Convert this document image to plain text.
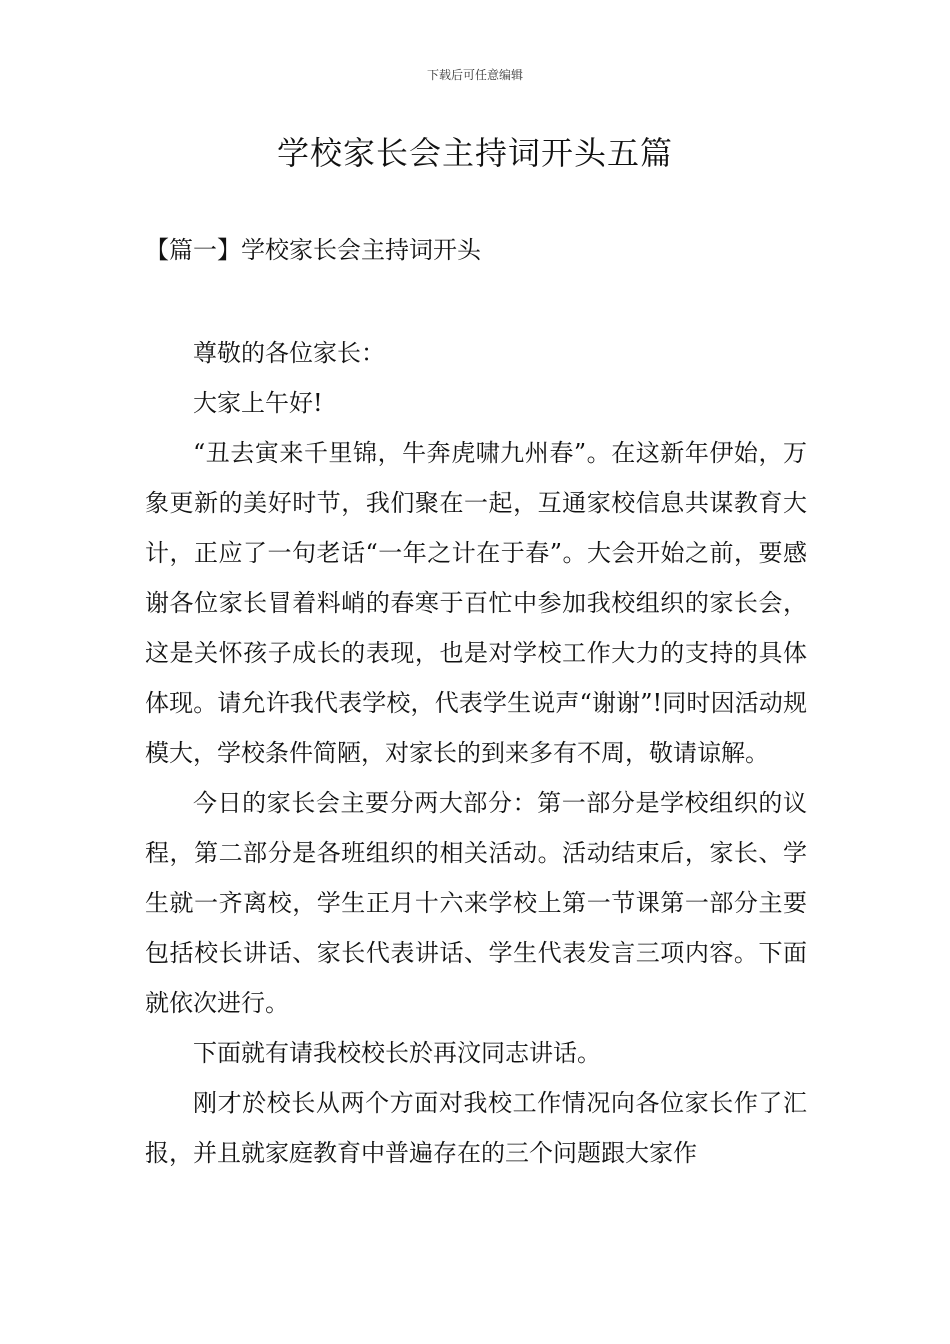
下载后可任意编辑
学校家长会主持词开头五篇
【篇一】学校家长会主持词开头

尊敬的各位家长：

大家上午好!

“丑去寅来千里锦，牛奔虎啸九州春”。在这新年伊始，万象更新的美好时节，我们聚在一起，互通家校信息共谋教育大计，正应了一句老话“一年之计在于春”。大会开始之前，要感谢各位家长冒着料峭的春寒于百忙中参加我校组织的家长会，这是关怀孩子成长的表现，也是对学校工作大力的支持的具体体现。请允许我代表学校，代表学生说声“谢谢”!同时因活动规模大，学校条件简陋，对家长的到来多有不周，敬请谅解。

今日的家长会主要分两大部分：第一部分是学校组织的议程，第二部分是各班组织的相关活动。活动结束后，家长、学生就一齐离校，学生正月十六来学校上第一节课第一部分主要包括校长讲话、家长代表讲话、学生代表发言三项内容。下面就依次进行。

下面就有请我校校长於再汶同志讲话。

刚才於校长从两个方面对我校工作情况向各位家长作了汇报，并且就家庭教育中普遍存在的三个问题跟大家作
